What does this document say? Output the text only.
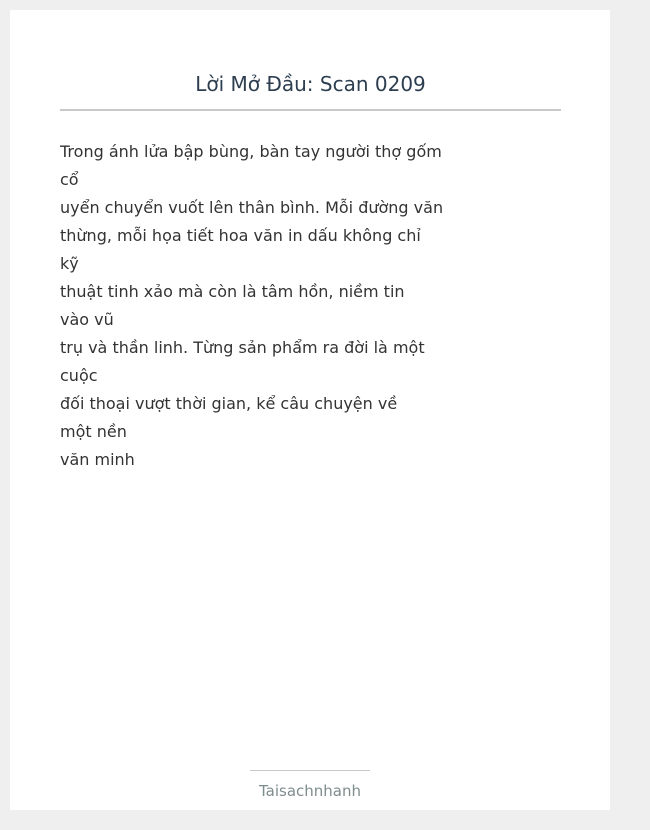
Lời Mở Đầu: Scan 0209
Trong ánh lửa bập bùng, bàn tay người thợ gốm
cổ
uyển chuyển vuốt lên thân bình. Mỗi đường văn
thừng, mỗi họa tiết hoa văn in dấu không chỉ
kỹ
thuật tinh xảo mà còn là tâm hồn, niềm tin
vào vũ
trụ và thần linh. Từng sản phẩm ra đời là một
cuộc
đối thoại vượt thời gian, kể câu chuyện về
một nền
văn minh
Taisachnhanh
